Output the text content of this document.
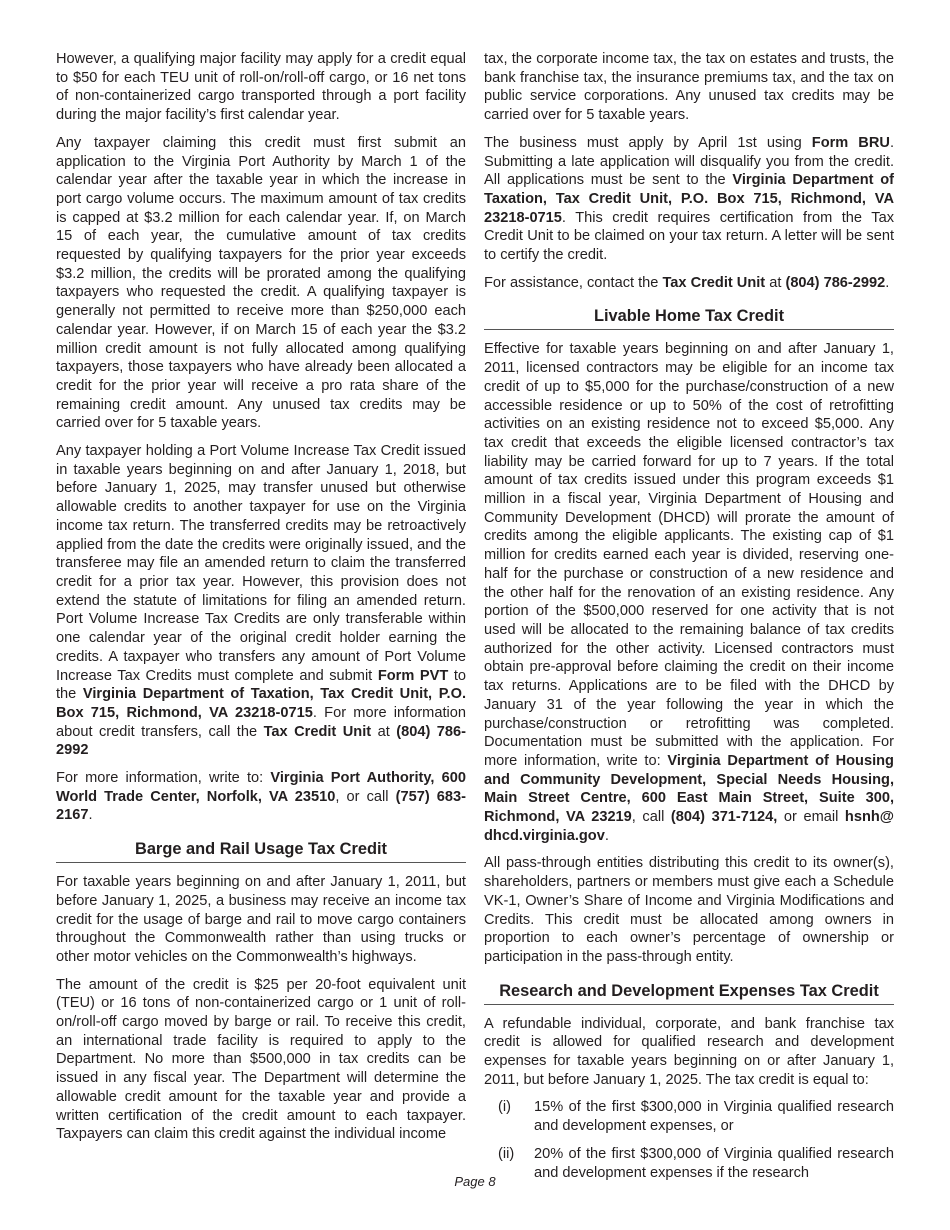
However, a qualifying major facility may apply for a credit equal to $50 for each TEU unit of roll-on/roll-off cargo, or 16 net tons of non-containerized cargo transported through a port facility during the major facility’s first calendar year.

Any taxpayer claiming this credit must first submit an application to the Virginia Port Authority by March 1 of the calendar year after the taxable year in which the increase in port cargo volume occurs. The maximum amount of tax credits is capped at $3.2 million for each calendar year. If, on March 15 of each year, the cumulative amount of tax credits requested by qualifying taxpayers for the prior year exceeds $3.2 million, the credits will be prorated among the qualifying taxpayers who requested the credit. A qualifying taxpayer is generally not permitted to receive more than $250,000 each calendar year. However, if on March 15 of each year the $3.2 million credit amount is not fully allocated among qualifying taxpayers, those taxpayers who have already been allocated a credit for the prior year will receive a pro rata share of the remaining credit amount. Any unused tax credits may be carried over for 5 taxable years.

Any taxpayer holding a Port Volume Increase Tax Credit issued in taxable years beginning on and after January 1, 2018, but before January 1, 2025, may transfer unused but otherwise allowable credits to another taxpayer for use on the Virginia income tax return. The transferred credits may be retroactively applied from the date the credits were originally issued, and the transferee may file an amended return to claim the transferred credit for a prior tax year. However, this provision does not extend the statute of limitations for filing an amended return. Port Volume Increase Tax Credits are only transferable within one calendar year of the original credit holder earning the credits. A taxpayer who transfers any amount of Port Volume Increase Tax Credits must complete and submit Form PVT to the Virginia Department of Taxation, Tax Credit Unit, P.O. Box 715, Richmond, VA 23218-0715. For more information about credit transfers, call the Tax Credit Unit at (804) 786-2992

For more information, write to: Virginia Port Authority, 600 World Trade Center, Norfolk, VA 23510, or call (757) 683-2167.

Barge and Rail Usage Tax Credit

For taxable years beginning on and after January 1, 2011, but before January 1, 2025, a business may receive an income tax credit for the usage of barge and rail to move cargo containers throughout the Commonwealth rather than using trucks or other motor vehicles on the Commonwealth’s highways.

The amount of the credit is $25 per 20-foot equivalent unit (TEU) or 16 tons of non-containerized cargo or 1 unit of roll-on/roll-off cargo moved by barge or rail. To receive this credit, an international trade facility is required to apply to the Department. No more than $500,000 in tax credits can be issued in any fiscal year. The Department will determine the allowable credit amount for the taxable year and provide a written certification of the credit amount to each taxpayer. Taxpayers can claim this credit against the individual income

tax, the corporate income tax, the tax on estates and trusts, the bank franchise tax, the insurance premiums tax, and the tax on public service corporations. Any unused tax credits may be carried over for 5 taxable years.

The business must apply by April 1st using Form BRU. Submitting a late application will disqualify you from the credit. All applications must be sent to the Virginia Department of Taxation, Tax Credit Unit, P.O. Box 715, Richmond, VA 23218-0715. This credit requires certification from the Tax Credit Unit to be claimed on your tax return. A letter will be sent to certify the credit.

For assistance, contact the Tax Credit Unit at (804) 786-2992.

Livable Home Tax Credit

Effective for taxable years beginning on and after January 1, 2011, licensed contractors may be eligible for an income tax credit of up to $5,000 for the purchase/construction of a new accessible residence or up to 50% of the cost of retrofitting activities on an existing residence not to exceed $5,000. Any tax credit that exceeds the eligible licensed contractor’s tax liability may be carried forward for up to 7 years. If the total amount of tax credits issued under this program exceeds $1 million in a fiscal year, Virginia Department of Housing and Community Development (DHCD) will prorate the amount of credits among the eligible applicants. The existing cap of $1 million for credits earned each year is divided, reserving one-half for the purchase or construction of a new residence and the other half for the renovation of an existing residence. Any portion of the $500,000 reserved for one activity that is not used will be allocated to the remaining balance of tax credits authorized for the other activity. Licensed contractors must obtain pre-approval before claiming the credit on their income tax returns. Applications are to be filed with the DHCD by January 31 of the year following the year in which the purchase/construction or retrofitting was completed. Documentation must be submitted with the application. For more information, write to: Virginia Department of Housing and Community Development, Special Needs Housing, Main Street Centre, 600 East Main Street, Suite 300, Richmond, VA 23219, call (804) 371-7124, or email hsnh@ dhcd.virginia.gov.

All pass-through entities distributing this credit to its owner(s), shareholders, partners or members must give each a Schedule VK-1, Owner’s Share of Income and Virginia Modifications and Credits. This credit must be allocated among owners in proportion to each owner’s percentage of ownership or participation in the pass-through entity.

Research and Development Expenses Tax Credit

A refundable individual, corporate, and bank franchise tax credit is allowed for qualified research and development expenses for taxable years beginning on or after January 1, 2011, but before January 1, 2025. The tax credit is equal to:

(i)	15% of the first $300,000 in Virginia qualified research and development expenses, or
(ii)	20% of the first $300,000 of Virginia qualified research and development expenses if the research
Page 8
